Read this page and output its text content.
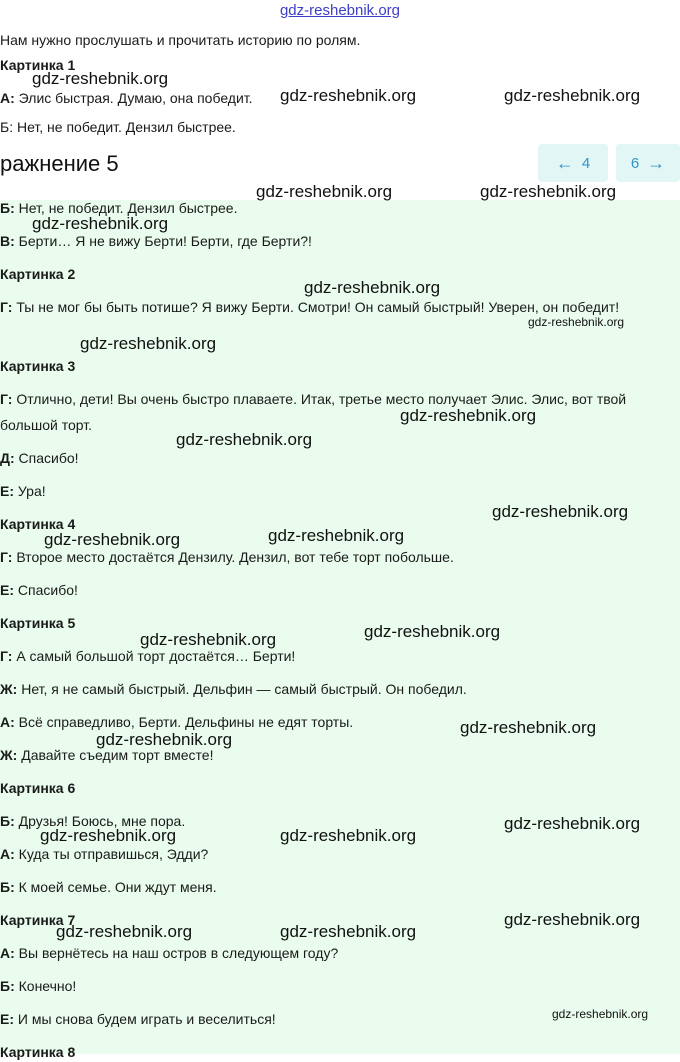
gdz-reshebnik.org
Нам нужно прослушать и прочитать историю по ролям.
Картинка 1
А: Элис быстрая. Думаю, она победит.
Б: Нет, не победит. Дензил быстрее.
ражнение 5	← 4	6 →
Б: Нет, не победит. Дензил быстрее.
В: Берти… Я не вижу Берти! Берти, где Берти?!
Картинка 2
Г: Ты не мог бы быть потише? Я вижу Берти. Смотри! Он самый быстрый! Уверен, он победит!
Картинка 3
Г: Отлично, дети! Вы очень быстро плаваете. Итак, третье место получает Элис. Элис, вот твой большой торт.
Д: Спасибо!
Е: Ура!
Картинка 4
Г: Второе место достаётся Дензилу. Дензил, вот тебе торт побольше.
Е: Спасибо!
Картинка 5
Г: А самый большой торт достаётся… Берти!
Ж: Нет, я не самый быстрый. Дельфин — самый быстрый. Он победил.
А: Всё справедливо, Берти. Дельфины не едят торты.
Ж: Давайте съедим торт вместе!
Картинка 6
Б: Друзья! Боюсь, мне пора.
А: Куда ты отправишься, Эдди?
Б: К моей семье. Они ждут меня.
Картинка 7
А: Вы вернётесь на наш остров в следующем году?
Б: Конечно!
Е: И мы снова будем играть и веселиться!
Картинка 8
gdz-reshebnik.org
gdz-reshebnik.org	gdz-reshebnik.org
gdz-reshebnik.org	gdz-reshebnik.org
gdz-reshebnik.org
gdz-reshebnik.org
gdz-reshebnik.org
gdz-reshebnik.org
gdz-reshebnik.org
gdz-reshebnik.org
gdz-reshebnik.org
gdz-reshebnik.org	gdz-reshebnik.org
gdz-reshebnik.org	gdz-reshebnik.org
gdz-reshebnik.org
gdz-reshebnik.org
gdz-reshebnik.org
gdz-reshebnik.org	gdz-reshebnik.org
gdz-reshebnik.org
gdz-reshebnik.org	gdz-reshebnik.org
gdz-reshebnik.org
